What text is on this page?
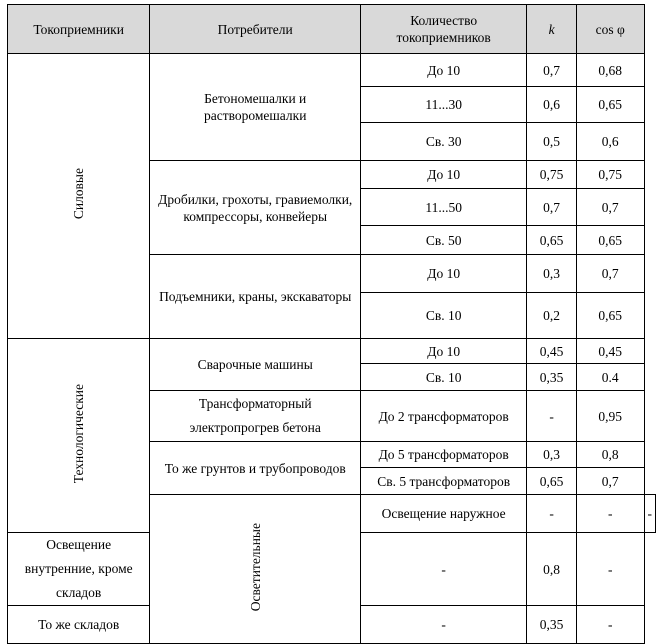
Токоприемники	Потребители	Количество токоприемников	k	cos φ	
Силовые	Бетономешалки и растворомешалки	До 10	0,7	0,68	
		11...30	0,6	0,65	
		Св. 30	0,5	0,6	
	Дробилки, грохоты, гравиемолки, компрессоры, конвейеры	До 10	0,75	0,75	
		11...50	0,7	0,7	
		Св. 50	0,65	0,65	
	Подъемники, краны, экскаваторы	До 10	0,3	0,7	
		Св. 10	0,2	0,65	
Технологические	Сварочные машины	До 10	0,45	0,45	
		Св. 10	0,35	0.4	
	Трансформаторный электропрогрев бетона	До 2 трансформаторов	-	0,95	
	То же грунтов и трубопроводов	До 5 трансформаторов	0,3	0,8	
		Св. 5 трансформаторов	0,65	0,7	
	Осветительные	Освещение наружное	-	-	-
Освещение внутренние, кроме складов		-	0,8	-	
То же складов		-	0,35	-	
